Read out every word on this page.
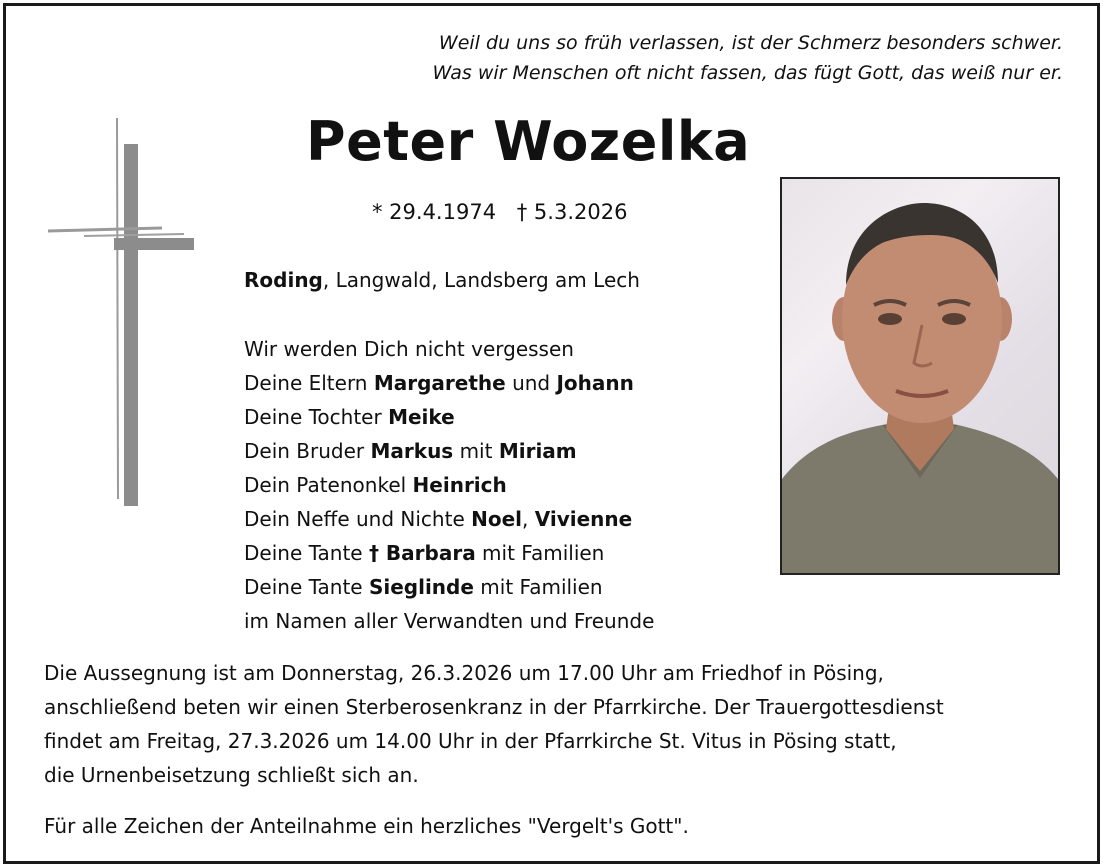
Weil du uns so früh verlassen, ist der Schmerz besonders schwer.
Was wir Menschen oft nicht fassen, das fügt Gott, das weiß nur er.
Peter Wozelka
* 29.4.1974 † 5.3.2026
Roding, Langwald, Landsberg am Lech
Wir werden Dich nicht vergessen
Deine Eltern Margarethe und Johann
Deine Tochter Meike
Dein Bruder Markus mit Miriam
Dein Patenonkel Heinrich
Dein Neffe und Nichte Noel, Vivienne
Deine Tante † Barbara mit Familien
Deine Tante Sieglinde mit Familien
im Namen aller Verwandten und Freunde
Die Aussegnung ist am Donnerstag, 26.3.2026 um 17.00 Uhr am Friedhof in Pösing,
anschließend beten wir einen Sterberosenkranz in der Pfarrkirche. Der Trauergottesdienst
findet am Freitag, 27.3.2026 um 14.00 Uhr in der Pfarrkirche St. Vitus in Pösing statt,
die Urnenbeisetzung schließt sich an.
Für alle Zeichen der Anteilnahme ein herzliches "Vergelt's Gott".
